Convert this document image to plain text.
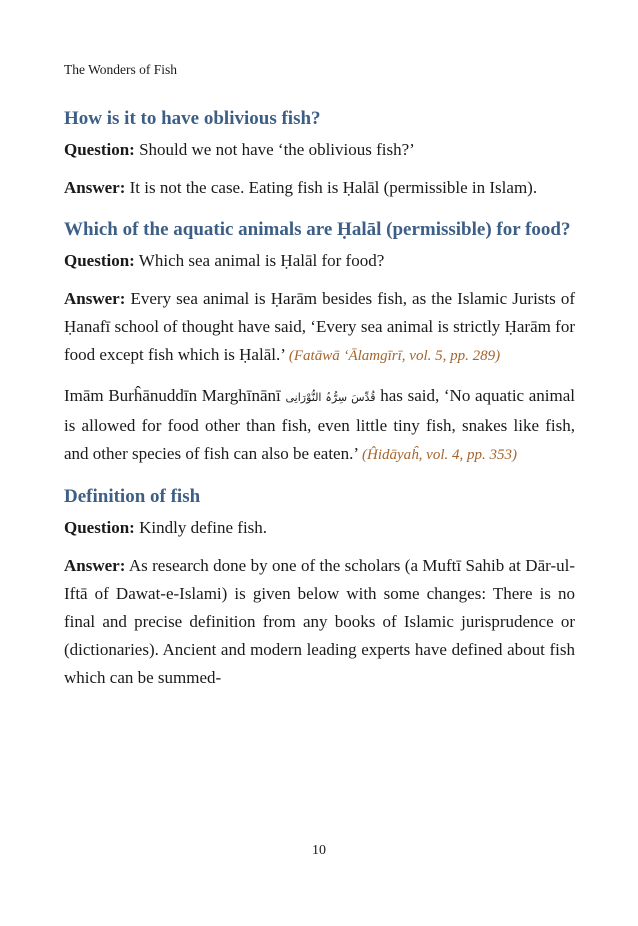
The Wonders of Fish

How is it to have oblivious fish?

Question: Should we not have ‘the oblivious fish?’

Answer: It is not the case. Eating fish is Ḥalāl (permissible in Islam).

Which of the aquatic animals are Ḥalāl (permissible) for food?

Question: Which sea animal is Ḥalāl for food?

Answer: Every sea animal is Ḥarām besides fish, as the Islamic Jurists of Ḥanafī school of thought have said, ‘Every sea animal is strictly Ḥarām for food except fish which is Ḥalāl.’ (Fatāwā ‘Ālamgīrī, vol. 5, pp. 289)

Imām Burĥānuddīn Marghīnānī قُدِّسَ سِرُّہُ النُّوْرَانِی has said, ‘No aquatic animal is allowed for food other than fish, even little tiny fish, snakes like fish, and other species of fish can also be eaten.’ (Ĥidāyaĥ, vol. 4, pp. 353)

Definition of fish

Question: Kindly define fish.

Answer: As research done by one of the scholars (a Muftī Sahib at Dār-ul-Iftā of Dawat-e-Islami) is given below with some changes: There is no final and precise definition from any books of Islamic jurisprudence or (dictionaries). Ancient and modern leading experts have defined about fish which can be summed-

10
